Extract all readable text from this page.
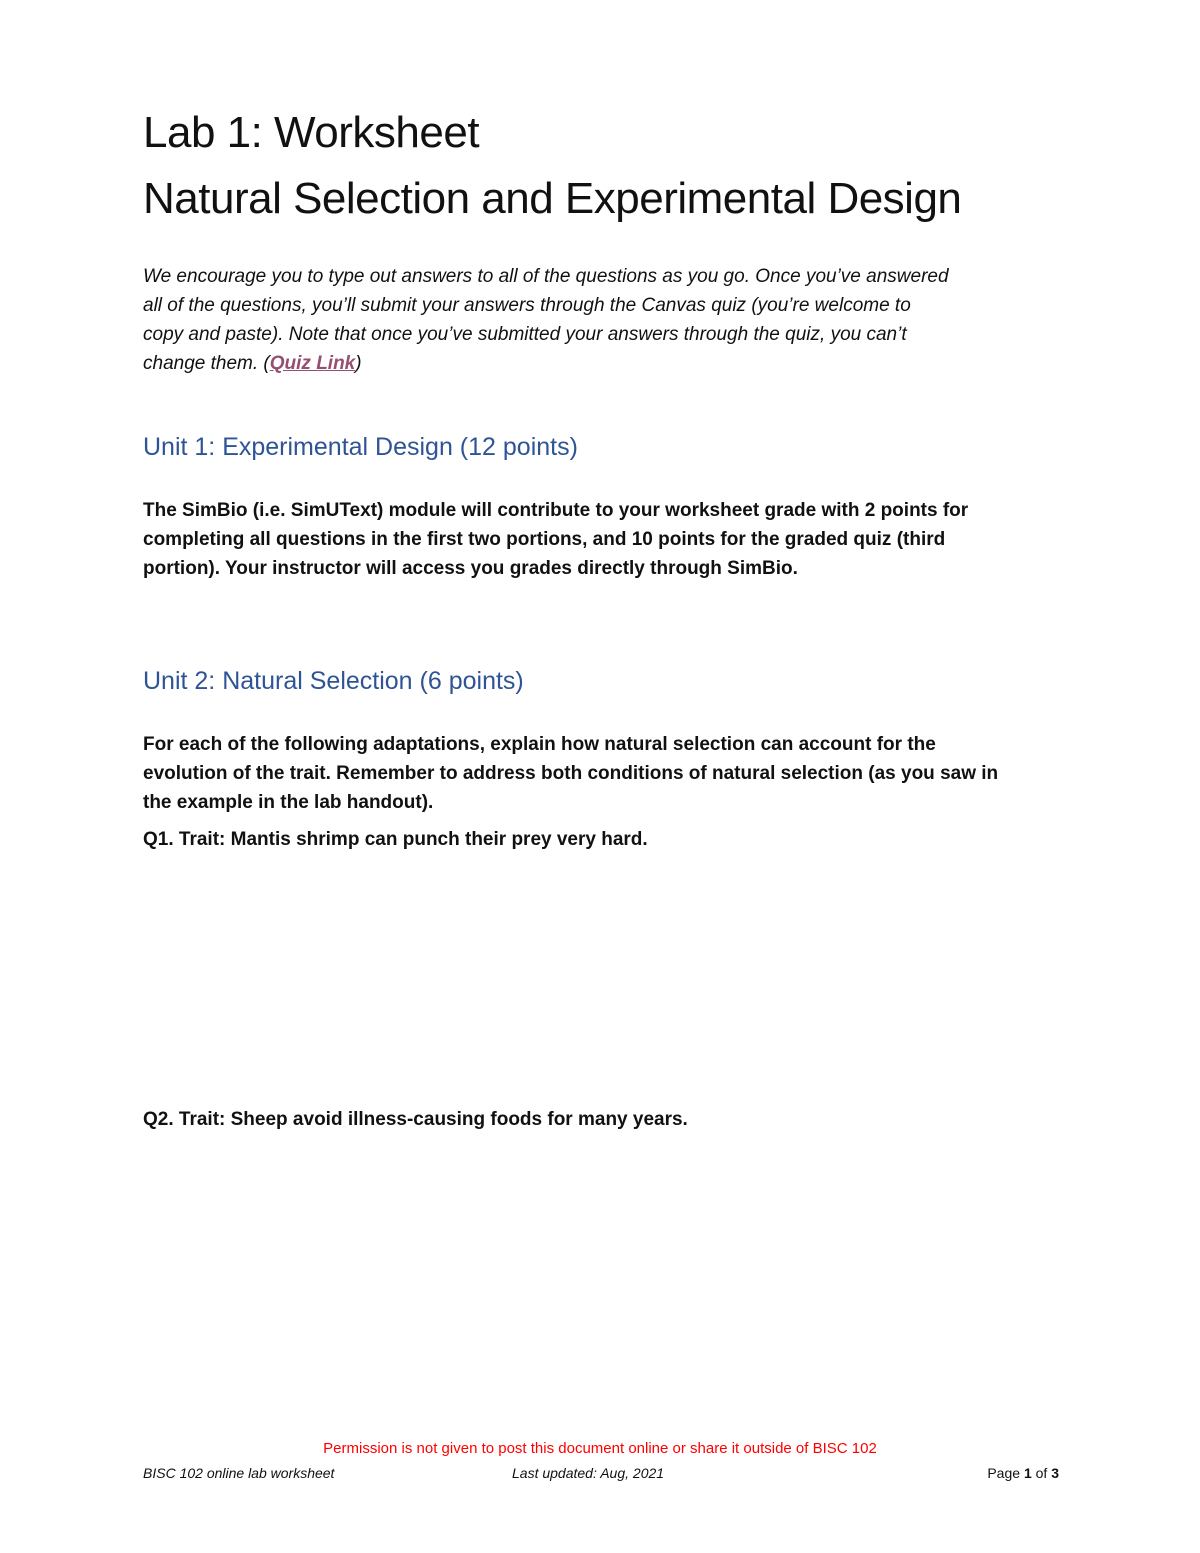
Lab 1: Worksheet
Natural Selection and Experimental Design
We encourage you to type out answers to all of the questions as you go. Once you’ve answered
all of the questions, you’ll submit your answers through the Canvas quiz (you’re welcome to
copy and paste). Note that once you’ve submitted your answers through the quiz, you can’t
change them. (Quiz Link)
Unit 1: Experimental Design (12 points)
The SimBio (i.e. SimUText) module will contribute to your worksheet grade with 2 points for
completing all questions in the first two portions, and 10 points for the graded quiz (third
portion). Your instructor will access you grades directly through SimBio.
Unit 2: Natural Selection (6 points)
For each of the following adaptations, explain how natural selection can account for the
evolution of the trait. Remember to address both conditions of natural selection (as you saw in
the example in the lab handout).
Q1. Trait: Mantis shrimp can punch their prey very hard.
Q2. Trait: Sheep avoid illness-causing foods for many years.
Permission is not given to post this document online or share it outside of BISC 102
BISC 102 online lab worksheet	Last updated: Aug, 2021	Page 1 of 3
